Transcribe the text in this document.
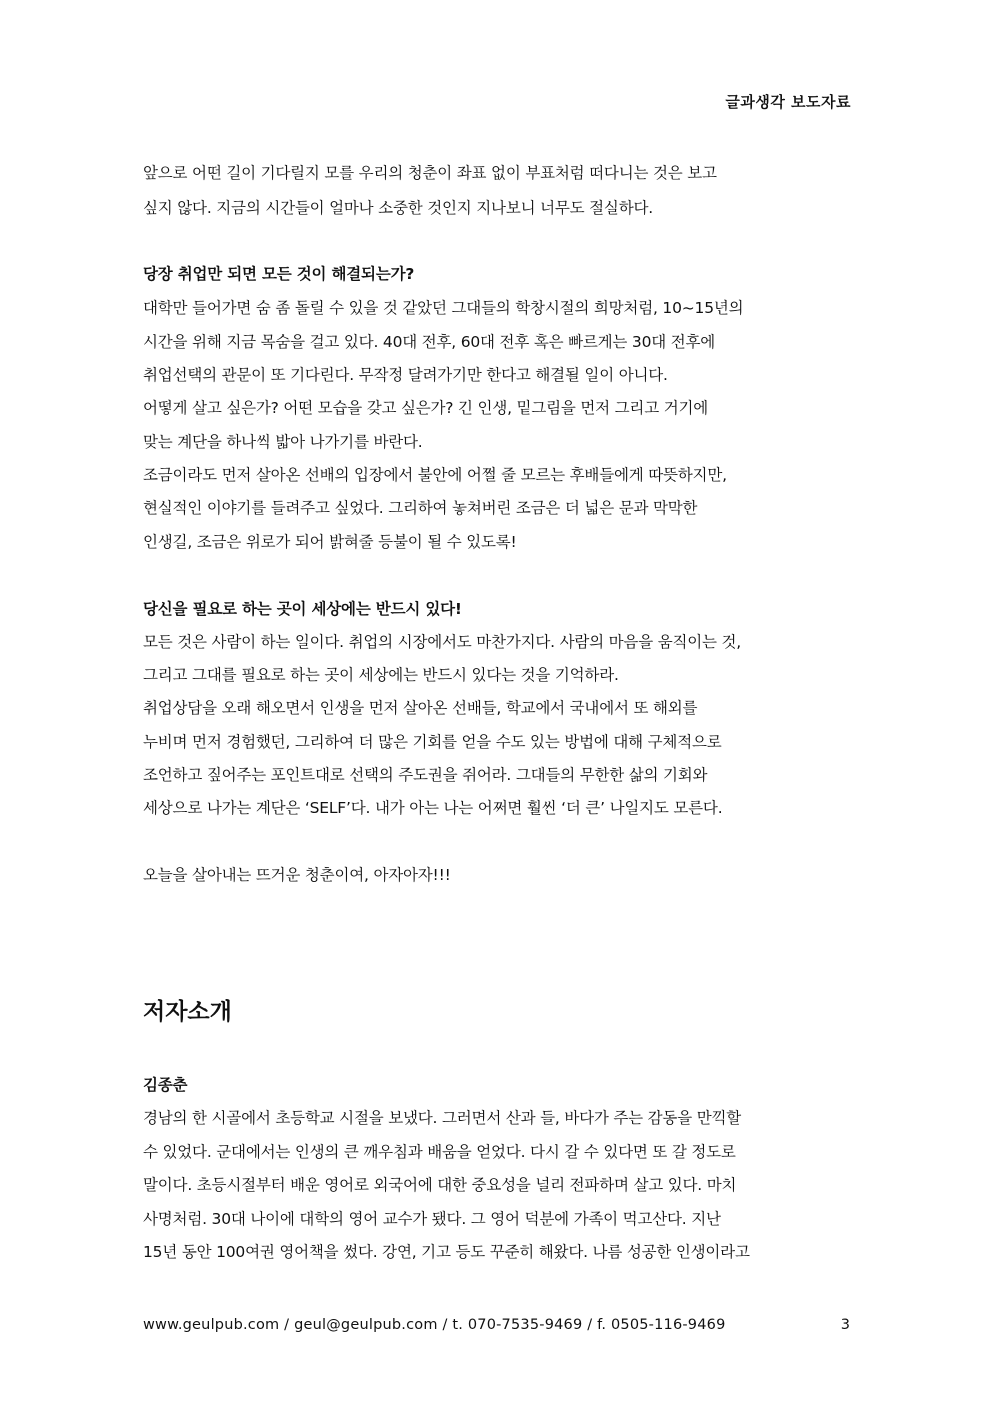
글과생각 보도자료
앞으로 어떤 길이 기다릴지 모를 우리의 청춘이 좌표 없이 부표처럼 떠다니는 것은 보고
싶지 않다. 지금의 시간들이 얼마나 소중한 것인지 지나보니 너무도 절실하다.
당장 취업만 되면 모든 것이 해결되는가?
대학만 들어가면 숨 좀 돌릴 수 있을 것 같았던 그대들의 학창시절의 희망처럼, 10~15년의
시간을 위해 지금 목숨을 걸고 있다. 40대 전후, 60대 전후 혹은 빠르게는 30대 전후에
취업선택의 관문이 또 기다린다. 무작정 달려가기만 한다고 해결될 일이 아니다.
어떻게 살고 싶은가? 어떤 모습을 갖고 싶은가? 긴 인생, 밑그림을 먼저 그리고 거기에
맞는 계단을 하나씩 밟아 나가기를 바란다.
조금이라도 먼저 살아온 선배의 입장에서 불안에 어쩔 줄 모르는 후배들에게 따뜻하지만,
현실적인 이야기를 들려주고 싶었다. 그리하여 놓쳐버린 조금은 더 넓은 문과 막막한
인생길, 조금은 위로가 되어 밝혀줄 등불이 될 수 있도록!
당신을 필요로 하는 곳이 세상에는 반드시 있다!
모든 것은 사람이 하는 일이다. 취업의 시장에서도 마찬가지다. 사람의 마음을 움직이는 것,
그리고 그대를 필요로 하는 곳이 세상에는 반드시 있다는 것을 기억하라.
취업상담을 오래 해오면서 인생을 먼저 살아온 선배들, 학교에서 국내에서 또 해외를
누비며 먼저 경험했던, 그리하여 더 많은 기회를 얻을 수도 있는 방법에 대해 구체적으로
조언하고 짚어주는 포인트대로 선택의 주도권을 쥐어라. 그대들의 무한한 삶의 기회와
세상으로 나가는 계단은 ‘SELF’다. 내가 아는 나는 어쩌면 훨씬 ‘더 큰’ 나일지도 모른다.
오늘을 살아내는 뜨거운 청춘이여, 아자아자!!!
저자소개
김종춘
경남의 한 시골에서 초등학교 시절을 보냈다. 그러면서 산과 들, 바다가 주는 감동을 만끽할
수 있었다. 군대에서는 인생의 큰 깨우침과 배움을 얻었다. 다시 갈 수 있다면 또 갈 정도로
말이다. 초등시절부터 배운 영어로 외국어에 대한 중요성을 널리 전파하며 살고 있다. 마치
사명처럼. 30대 나이에 대학의 영어 교수가 됐다. 그 영어 덕분에 가족이 먹고산다. 지난
15년 동안 100여권 영어책을 썼다. 강연, 기고 등도 꾸준히 해왔다. 나름 성공한 인생이라고
www.geulpub.com / geul@geulpub.com / t. 070-7535-9469 / f. 0505-116-9469	3
